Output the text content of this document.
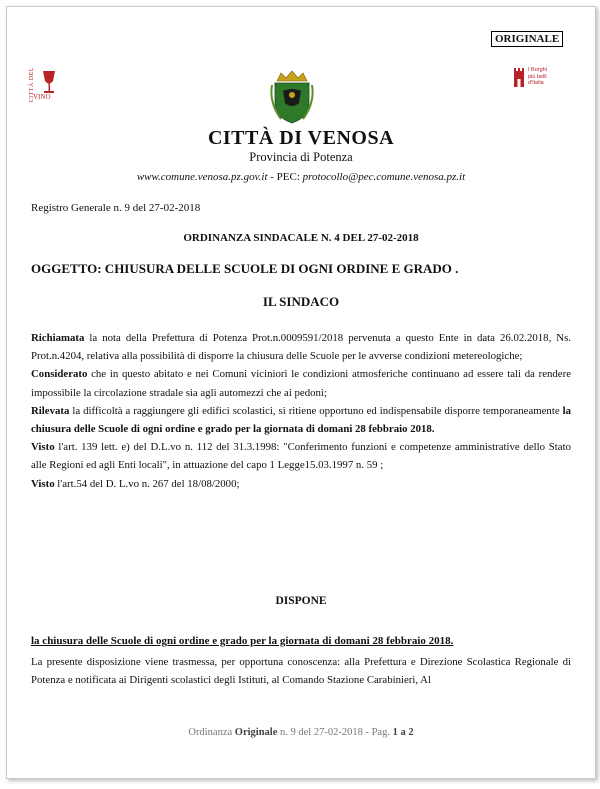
ORIGINALE
CITTÀ DEL
VINO
I Borghi
più belli
d'Italia
CITTÀ DI VENOSA
Provincia di Potenza
www.comune.venosa.pz.gov.it - PEC: protocollo@pec.comune.venosa.pz.it
Registro Generale n. 9 del 27-02-2018
ORDINANZA SINDACALE N. 4 DEL 27-02-2018
OGGETTO: CHIUSURA DELLE SCUOLE DI OGNI ORDINE E GRADO .
IL SINDACO

Richiamata la nota della Prefettura di Potenza Prot.n.0009591/2018 pervenuta a questo Ente in data 26.02.2018, Ns. Prot.n.4204, relativa alla possibilità di disporre la chiusura delle Scuole per le avverse condizioni metereologiche;

Considerato che in questo abitato e nei Comuni viciniori le condizioni atmosferiche continuano ad essere tali da rendere impossibile la circolazione stradale sia agli automezzi che ai pedoni;

Rilevata la difficoltà a raggiungere gli edifici scolastici, si ritiene opportuno ed indispensabile disporre temporaneamente la chiusura delle Scuole di ogni ordine e grado per la giornata di domani 28 febbraio 2018.

Visto l'art. 139 lett. e) del D.L.vo n. 112 del 31.3.1998: "Conferimento funzioni e competenze amministrative dello Stato alle Regioni ed agli Enti locali", in attuazione del capo 1 Legge15.03.1997 n. 59 ;

Visto l'art.54 del D. L.vo n. 267 del 18/08/2000;

DISPONE
la chiusura delle Scuole di ogni ordine e grado per la giornata di domani 28 febbraio 2018.

La presente disposizione viene trasmessa, per opportuna conoscenza: alla Prefettura e Direzione Scolastica Regionale di Potenza e notificata ai Dirigenti scolastici degli Istituti, al Comando Stazione Carabinieri, Al

Ordinanza Originale n. 9 del 27-02-2018 - Pag. 1 a 2
